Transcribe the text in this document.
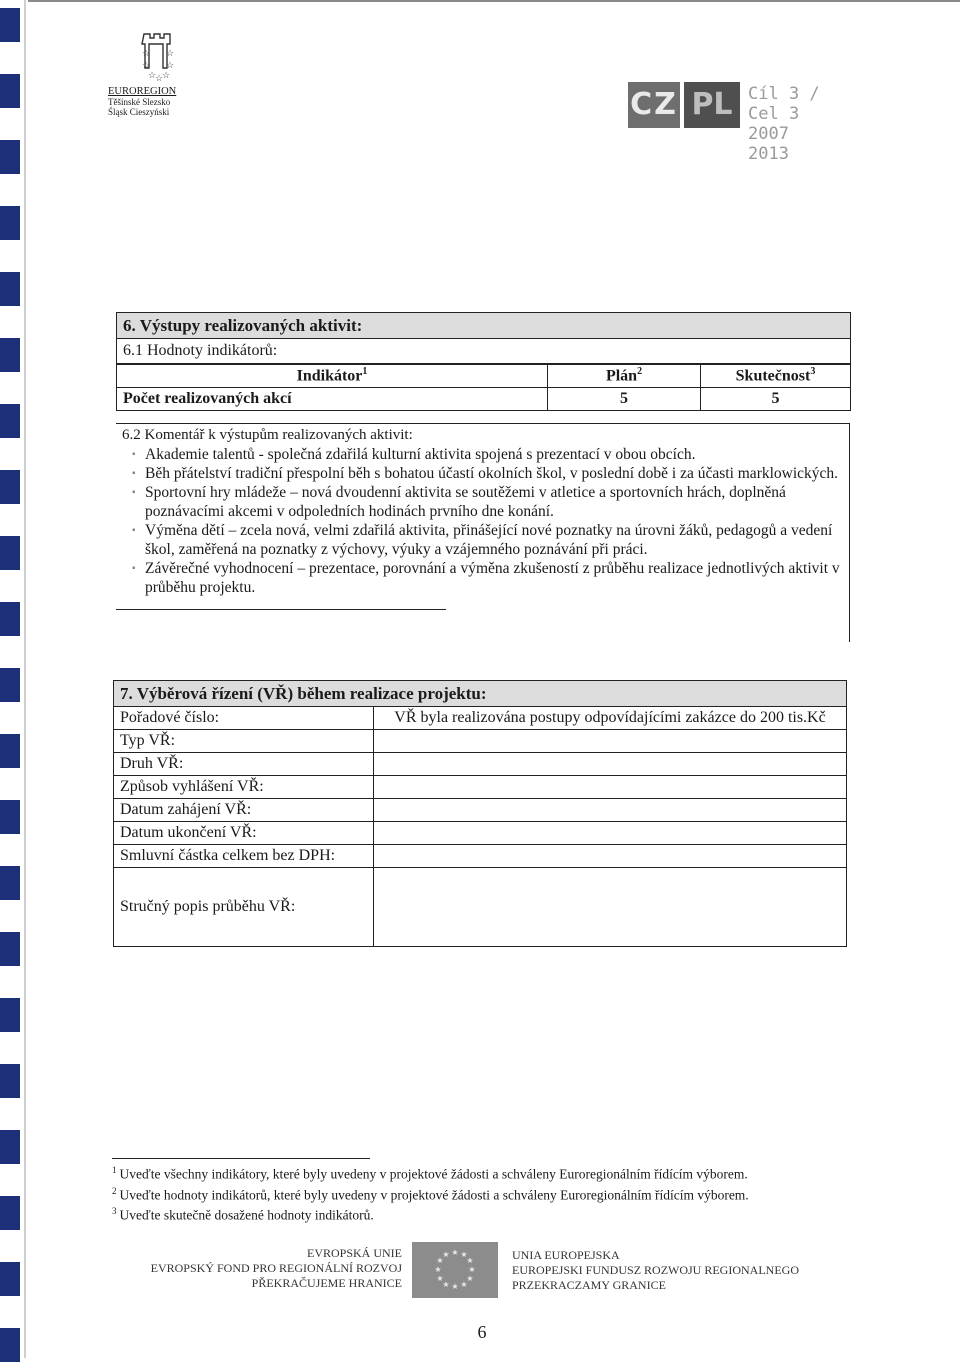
☆ ☆
☆ ☆
☆
☆
☆
EUROREGION
Těšínské Slezsko
Śląsk Cieszyński	CZ PL Cíl 3 / Cel 3
2007 2013
6. Výstupy realizovaných aktivit:
6.1 Hodnoty indikátorů:
Indikátor$^1$	Plán$^2$	Skutečnost$^3$
Počet realizovaných akcí	5	5
6.2 Komentář k výstupům realizovaných aktivit:
▪ Akademie talentů - společná zdařilá kulturní aktivita spojená s prezentací v obou obcích.
▪ Běh přátelství tradiční přespolní běh s bohatou účastí okolních škol, v poslední době i za účasti marklowických.
▪ Sportovní hry mládeže – nová dvoudenní aktivita se soutěžemi v atletice a sportovních hrách, doplněná poznávacími akcemi v odpoledních hodinách prvního dne konání.
▪ Výměna dětí – zcela nová, velmi zdařilá aktivita, přinášející nové poznatky na úrovni žáků, pedagogů a vedení škol, zaměřená na poznatky z výchovy, výuky a vzájemného poznávání při práci.
▪ Závěrečné vyhodnocení – prezentace, porovnání a výměna zkušeností z průběhu realizace jednotlivých aktivit v průběhu projektu.
7. Výběrová řízení (VŘ) během realizace projektu:
Pořadové číslo:	VŘ byla realizována postupy odpovídajícími zakázce do 200 tis.Kč
Typ VŘ:	
Druh VŘ:	
Způsob vyhlášení VŘ:	
Datum zahájení VŘ:	
Datum ukončení VŘ:	
Smluvní částka celkem bez DPH:	
Stručný popis průběhu VŘ:	
$^1$ Uveďte všechny indikátory, které byly uvedeny v projektové žádosti a schváleny Euroregionálním řídícím výborem.
$^2$ Uveďte hodnoty indikátorů, které byly uvedeny v projektové žádosti a schváleny Euroregionálním řídícím výborem.
$^3$ Uveďte skutečně dosažené hodnoty indikátorů.
EVROPSKÁ UNIE
EVROPSKÝ FOND PRO REGIONÁLNÍ ROZVOJ
PŘEKRAČUJEME HRANICE
★ ★
★
★
★
★
★
★
★
★
★
★	UNIA EUROPEJSKA
EUROPEJSKI FUNDUSZ ROZWOJU REGIONALNEGO
PRZEKRACZAMY GRANICE
6
